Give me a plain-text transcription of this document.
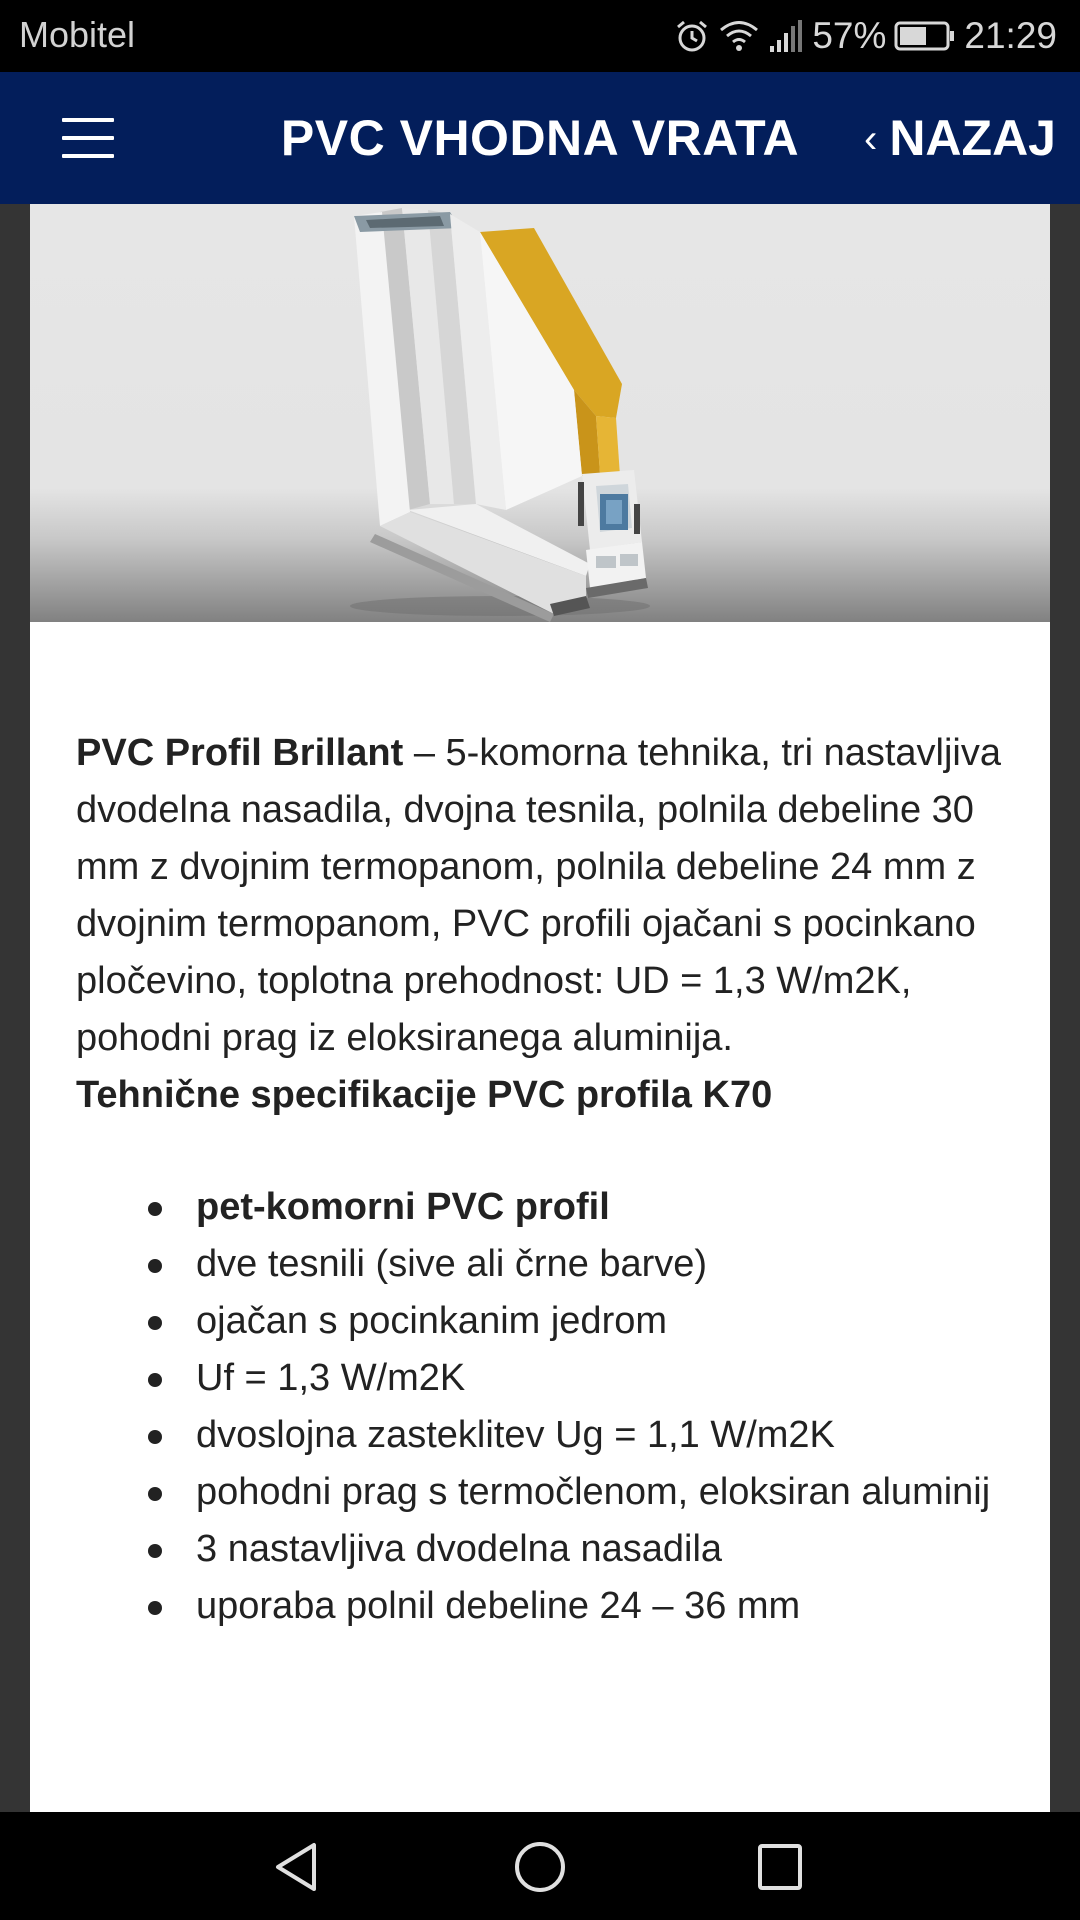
Mobitel	57% 21:29
PVC VHODNA VRATA	‹ NAZAJ

PVC Profil Brillant – 5-komorna tehnika, tri nastavljiva dvodelna nasadila, dvojna tesnila, polnila debeline 30 mm z dvojnim termopanom, polnila debeline 24 mm z dvojnim termopanom, PVC profili ojačani s pocinkano pločevino, toplotna prehodnost: UD = 1,3 W/m2K, pohodni prag iz eloksiranega aluminija.

Tehnične specifikacije PVC profila K70

pet-komorni PVC profil
dve tesnili (sive ali črne barve)
ojačan s pocinkanim jedrom
Uf = 1,3 W/m2K
dvoslojna zasteklitev Ug = 1,1 W/m2K
pohodni prag s termočlenom, eloksiran aluminij
3 nastavljiva dvodelna nasadila
uporaba polnil debeline 24 – 36 mm
